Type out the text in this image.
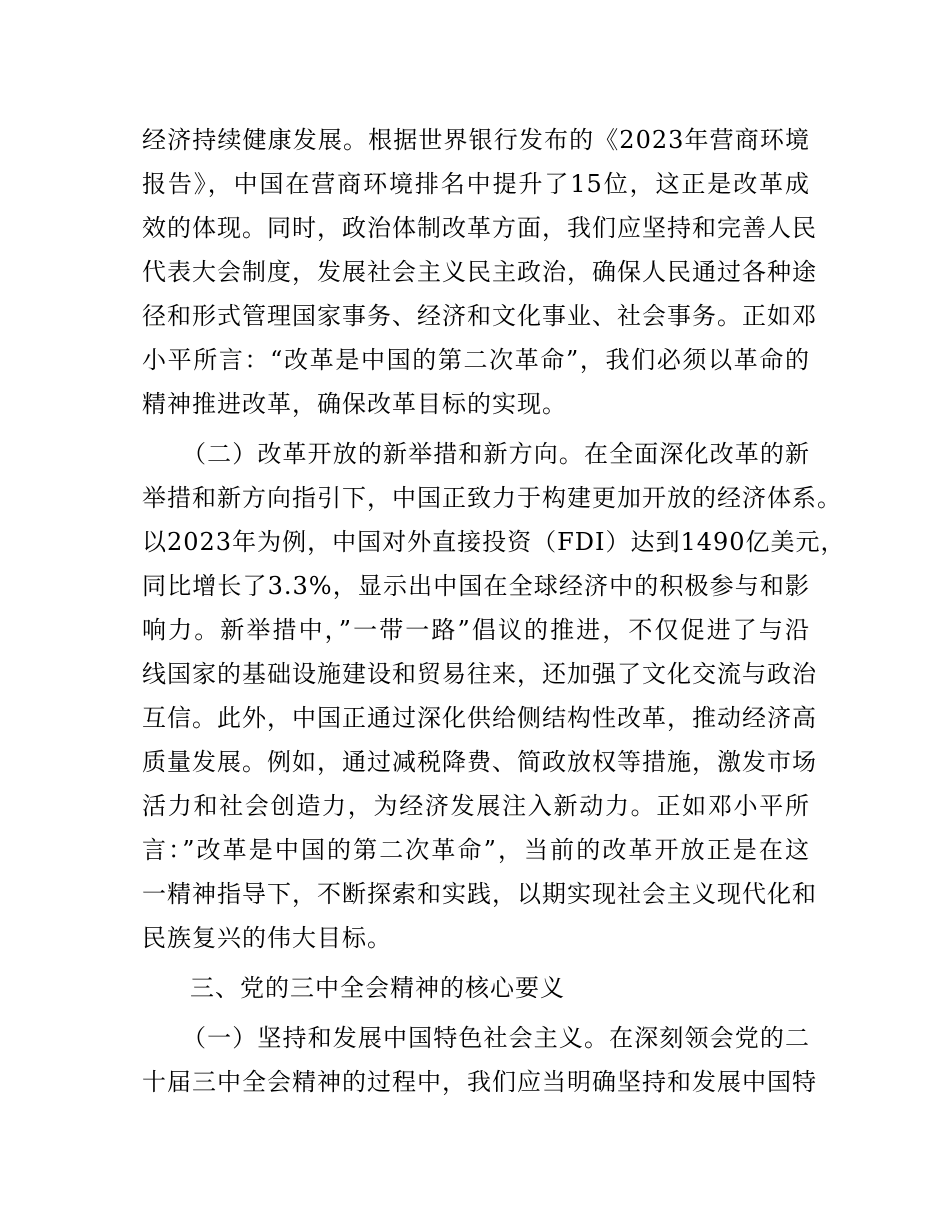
经济持续健康发展。根据世界银行发布的《2023年营商环境
报告》，中国在营商环境排名中提升了15位，这正是改革成
效的体现。同时，政治体制改革方面，我们应坚持和完善人民
代表大会制度，发展社会主义民主政治，确保人民通过各种途
径和形式管理国家事务、经济和文化事业、社会事务。正如邓
小平所言：“改革是中国的第二次革命”，我们必须以革命的
精神推进改革，确保改革目标的实现。
（二）改革开放的新举措和新方向。在全面深化改革的新
举措和新方向指引下，中国正致力于构建更加开放的经济体系。
以2023年为例，中国对外直接投资（FDI）达到1490亿美元，
同比增长了3.3%，显示出中国在全球经济中的积极参与和影
响力。新举措中，”一带一路”倡议的推进，不仅促进了与沿
线国家的基础设施建设和贸易往来，还加强了文化交流与政治
互信。此外，中国正通过深化供给侧结构性改革，推动经济高
质量发展。例如，通过减税降费、简政放权等措施，激发市场
活力和社会创造力，为经济发展注入新动力。正如邓小平所
言：”改革是中国的第二次革命”，当前的改革开放正是在这
一精神指导下，不断探索和实践，以期实现社会主义现代化和
民族复兴的伟大目标。
三、党的三中全会精神的核心要义
（一）坚持和发展中国特色社会主义。在深刻领会党的二
十届三中全会精神的过程中，我们应当明确坚持和发展中国特
